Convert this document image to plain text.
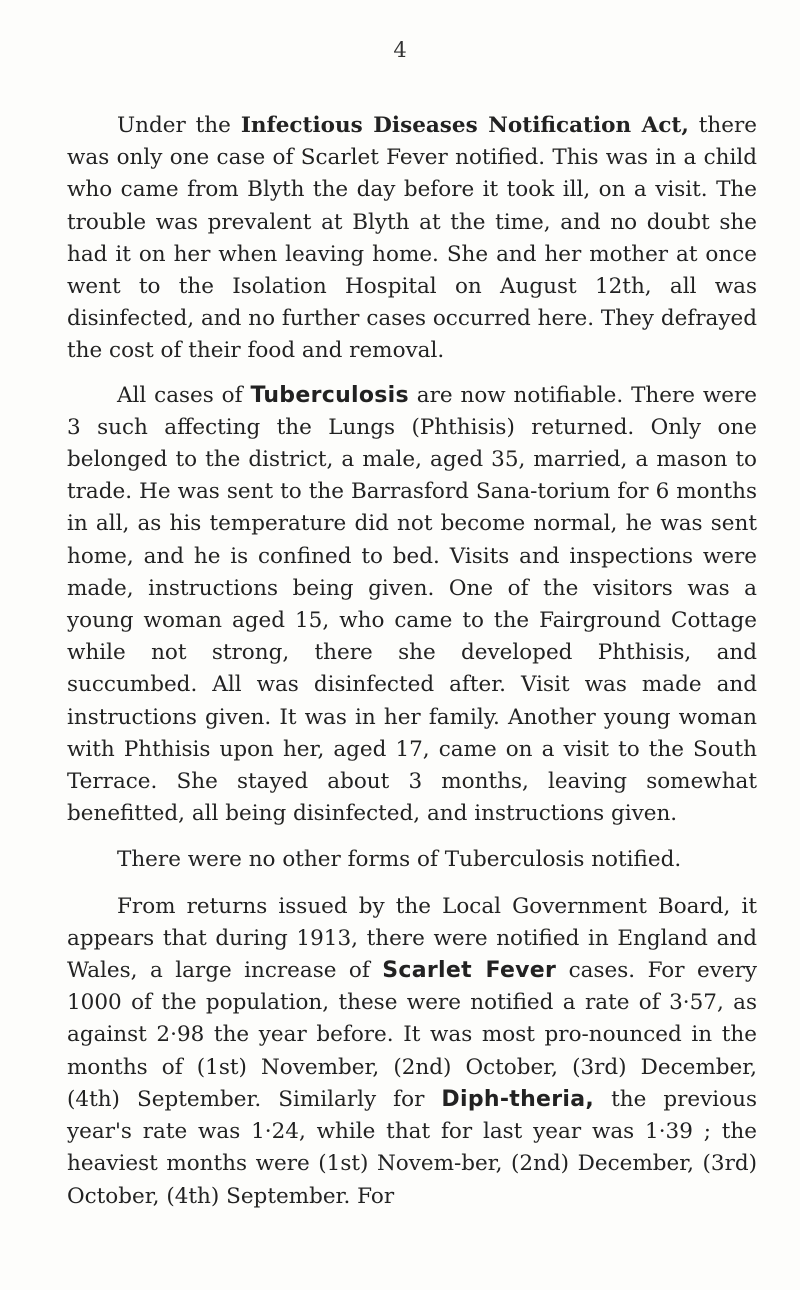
4

Under the Infectious Diseases Notification Act, there was only one case of Scarlet Fever notified. This was in a child who came from Blyth the day before it took ill, on a visit. The trouble was prevalent at Blyth at the time, and no doubt she had it on her when leaving home. She and her mother at once went to the Isolation Hospital on August 12th, all was disinfected, and no further cases occurred here. They defrayed the cost of their food and removal.

All cases of Tuberculosis are now notifiable. There were 3 such affecting the Lungs (Phthisis) returned. Only one belonged to the district, a male, aged 35, married, a mason to trade. He was sent to the Barrasford Sana-torium for 6 months in all, as his temperature did not become normal, he was sent home, and he is confined to bed. Visits and inspections were made, instructions being given. One of the visitors was a young woman aged 15, who came to the Fairground Cottage while not strong, there she developed Phthisis, and succumbed. All was disinfected after. Visit was made and instructions given. It was in her family. Another young woman with Phthisis upon her, aged 17, came on a visit to the South Terrace. She stayed about 3 months, leaving somewhat benefitted, all being disinfected, and instructions given.

There were no other forms of Tuberculosis notified.

From returns issued by the Local Government Board, it appears that during 1913, there were notified in England and Wales, a large increase of Scarlet Fever cases. For every 1000 of the population, these were notified a rate of 3·57, as against 2·98 the year before. It was most pro-nounced in the months of (1st) November, (2nd) October, (3rd) December, (4th) September. Similarly for Diph-theria, the previous year's rate was 1·24, while that for last year was 1·39 ; the heaviest months were (1st) Novem-ber, (2nd) December, (3rd) October, (4th) September. For
